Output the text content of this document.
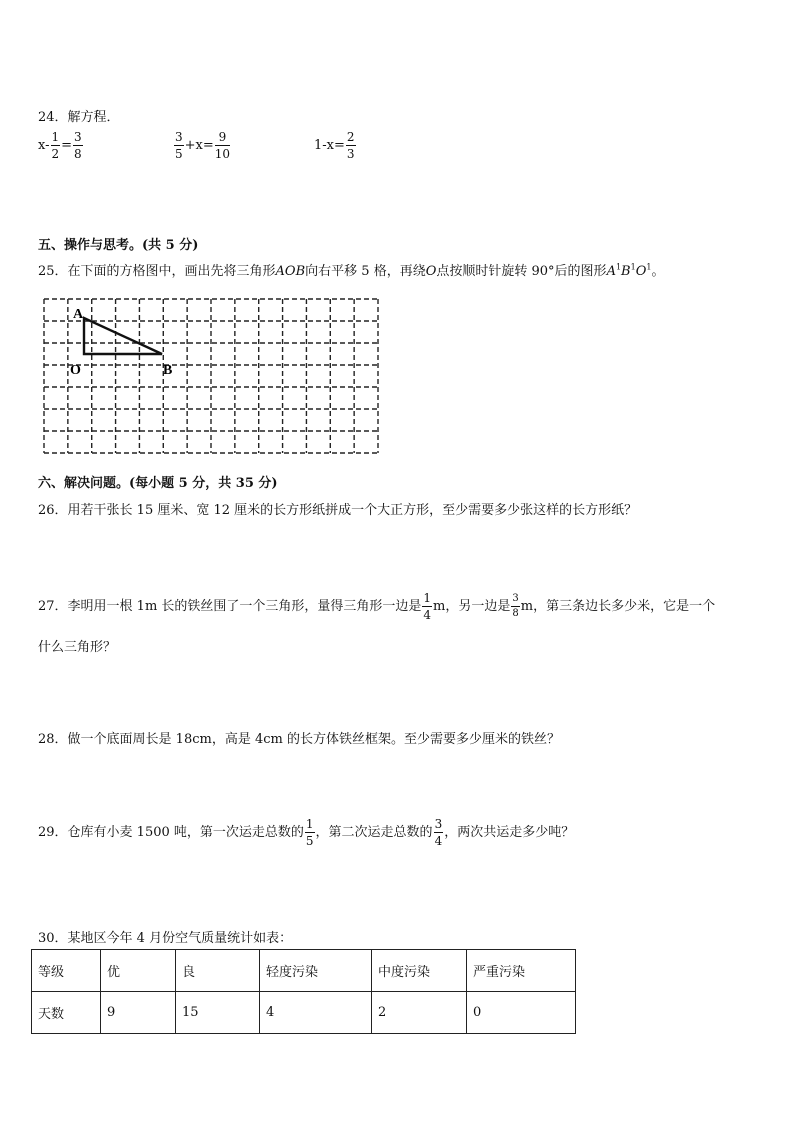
24．解方程．
$x- \frac{1}{2} = \frac{3}{8}$	$\frac{3}{5} +x= \frac{9}{10}$	$1-x= \frac{2}{3}$
五、操作与思考。(共 5 分)
25．在下面的方格图中，画出先将三角形AOB向右平移 5 格，再绕O点按顺时针旋转 90°后的图形$A^1B^1O^1$。
A
O	B
六、解决问题。(每小题 5 分，共 35 分)
26．用若干张长 15 厘米、宽 12 厘米的长方形纸拼成一个大正方形，至少需要多少张这样的长方形纸？
27．李明用一根 1m 长的铁丝围了一个三角形，量得三角形一边是 $\frac{1}{4}$ m，另一边是 $\frac{3}{8}$ m，第三条边长多少米，它是一个
什么三角形？
28．做一个底面周长是 18cm，高是 4cm 的长方体铁丝框架。至少需要多少厘米的铁丝？
29．仓库有小麦 1500 吨，第一次运走总数的 $\frac{1}{5}$ ，第二次运走总数的 $\frac{3}{4}$ ，两次共运走多少吨？
30．某地区今年 4 月份空气质量统计如表：
等级	优	良	轻度污染	中度污染	严重污染
天数	9	15	4	2	0
